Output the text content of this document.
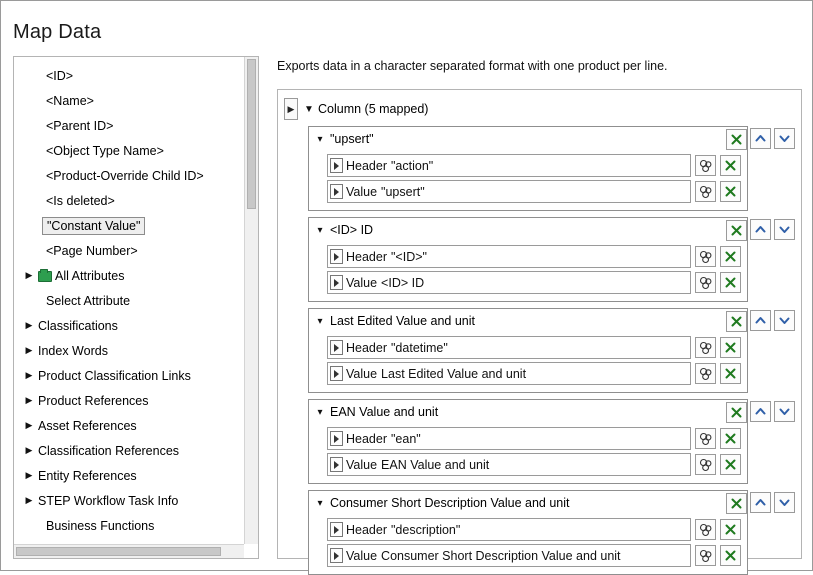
Map Data
<ID>
<Name>
<Parent ID>
<Object Type Name>
<Product-Override Child ID>
<Is deleted>
"Constant Value"
<Page Number>
▶ All Attributes
Select Attribute
▶ Classifications
▶ Index Words
▶ Product Classification Links
▶ Product References
▶ Asset References
▶ Classification References
▶ Entity References
▶ STEP Workflow Task Info
Business Functions
Exports data in a character separated format with one product per line.
▶ ▼ Column (5 mapped)
▾ "upsert"
Header "action"
Value "upsert"
▾ <ID> ID
Header "<ID>"
Value <ID> ID
▾ Last Edited Value and unit
Header "datetime"
Value Last Edited Value and unit
▾ EAN Value and unit
Header "ean"
Value EAN Value and unit
▾ Consumer Short Description Value and unit
Header "description"
Value Consumer Short Description Value and unit
